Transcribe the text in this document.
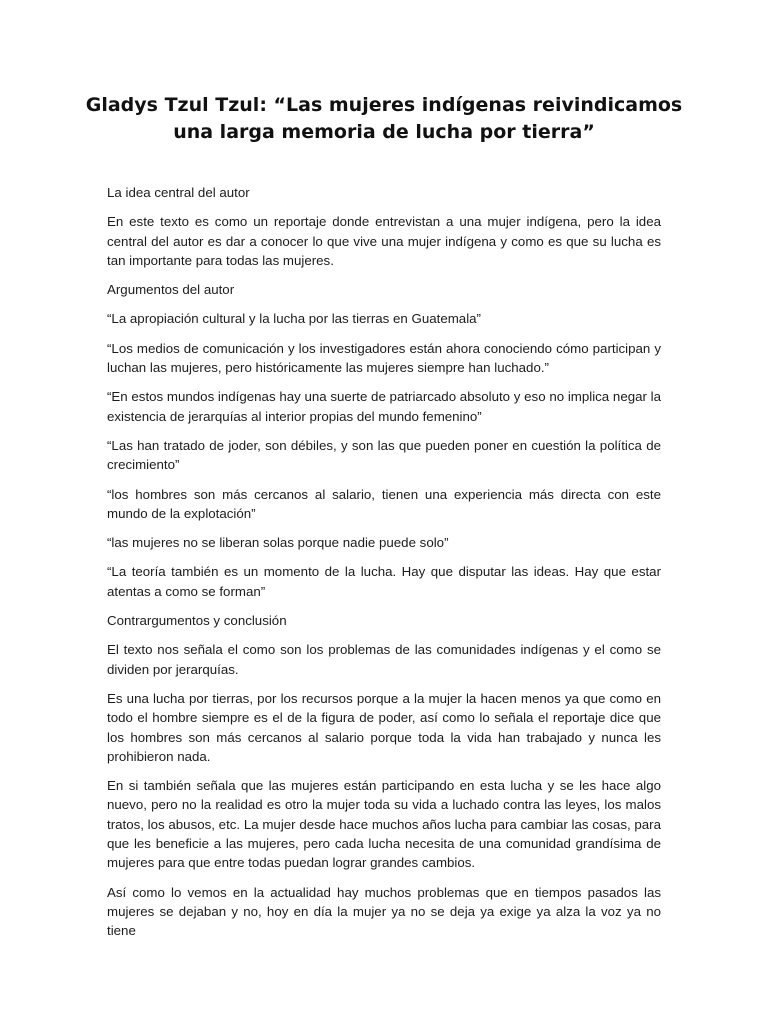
Gladys Tzul Tzul: “Las mujeres indígenas reivindicamos
una larga memoria de lucha por tierra”

La idea central del autor

En este texto es como un reportaje donde entrevistan a una mujer indígena, pero la idea central del autor es dar a conocer lo que vive una mujer indígena y como es que su lucha es tan importante para todas las mujeres.

Argumentos del autor

“La apropiación cultural y la lucha por las tierras en Guatemala”

“Los medios de comunicación y los investigadores están ahora conociendo cómo participan y luchan las mujeres, pero históricamente las mujeres siempre han luchado.”

“En estos mundos indígenas hay una suerte de patriarcado absoluto y eso no implica negar la existencia de jerarquías al interior propias del mundo femenino”

“Las han tratado de joder, son débiles, y son las que pueden poner en cuestión la política de crecimiento”

“los hombres son más cercanos al salario, tienen una experiencia más directa con este mundo de la explotación”

“las mujeres no se liberan solas porque nadie puede solo”

“La teoría también es un momento de la lucha. Hay que disputar las ideas. Hay que estar atentas a como se forman”

Contrargumentos y conclusión

El texto nos señala el como son los problemas de las comunidades indígenas y el como se dividen por jerarquías.

Es una lucha por tierras, por los recursos porque a la mujer la hacen menos ya que como en todo el hombre siempre es el de la figura de poder, así como lo señala el reportaje dice que los hombres son más cercanos al salario porque toda la vida han trabajado y nunca les prohibieron nada.

En si también señala que las mujeres están participando en esta lucha y se les hace algo nuevo, pero no la realidad es otro la mujer toda su vida a luchado contra las leyes, los malos tratos, los abusos, etc. La mujer desde hace muchos años lucha para cambiar las cosas, para que les beneficie a las mujeres, pero cada lucha necesita de una comunidad grandísima de mujeres para que entre todas puedan lograr grandes cambios.

Así como lo vemos en la actualidad hay muchos problemas que en tiempos pasados las mujeres se dejaban y no, hoy en día la mujer ya no se deja ya exige ya alza la voz ya no tiene
